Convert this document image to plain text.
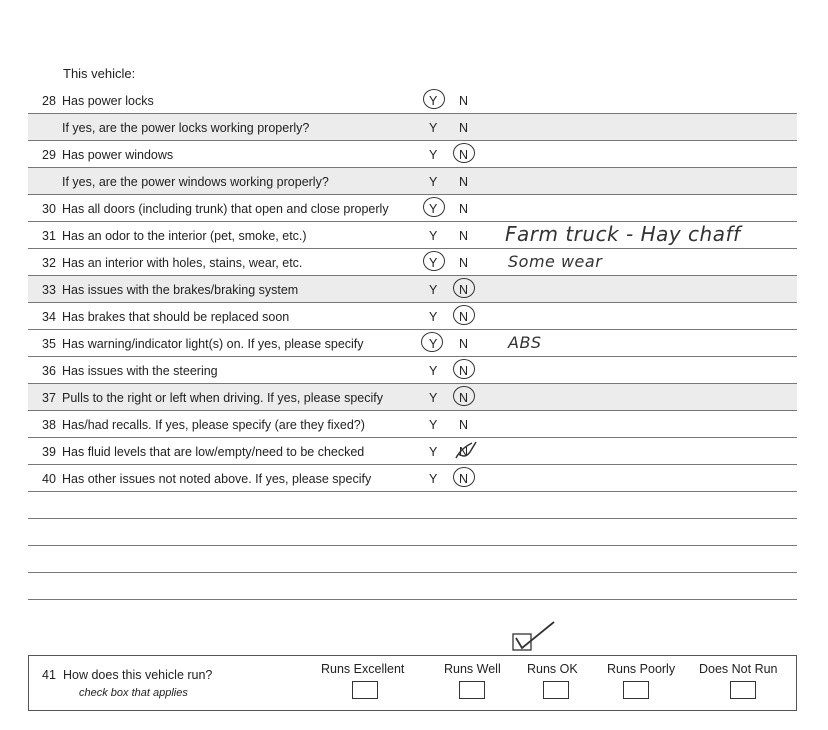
This vehicle:
28 Has power locks	Y N
If yes, are the power locks working properly?	Y N
29 Has power windows	Y N
If yes, are the power windows working properly?	Y N
30 Has all doors (including trunk) that open and close properly	Y N
31 Has an odor to the interior (pet, smoke, etc.)	Y N Farm truck - Hay chaff
32 Has an interior with holes, stains, wear, etc.	Y N Some wear
33 Has issues with the brakes/braking system	Y N
34 Has brakes that should be replaced soon	Y N
35 Has warning/indicator light(s) on. If yes, please specify	Y N ABS
36 Has issues with the steering	Y N
37 Pulls to the right or left when driving. If yes, please specify	Y N
38 Has/had recalls. If yes, please specify (are they fixed?)	Y N
39 Has fluid levels that are low/empty/need to be checked	Y N
40 Has other issues not noted above. If yes, please specify	Y N
41 How does this vehicle run?
check box that applies
Runs Excellent	Runs Well Runs OK Runs Poorly Does Not Run
